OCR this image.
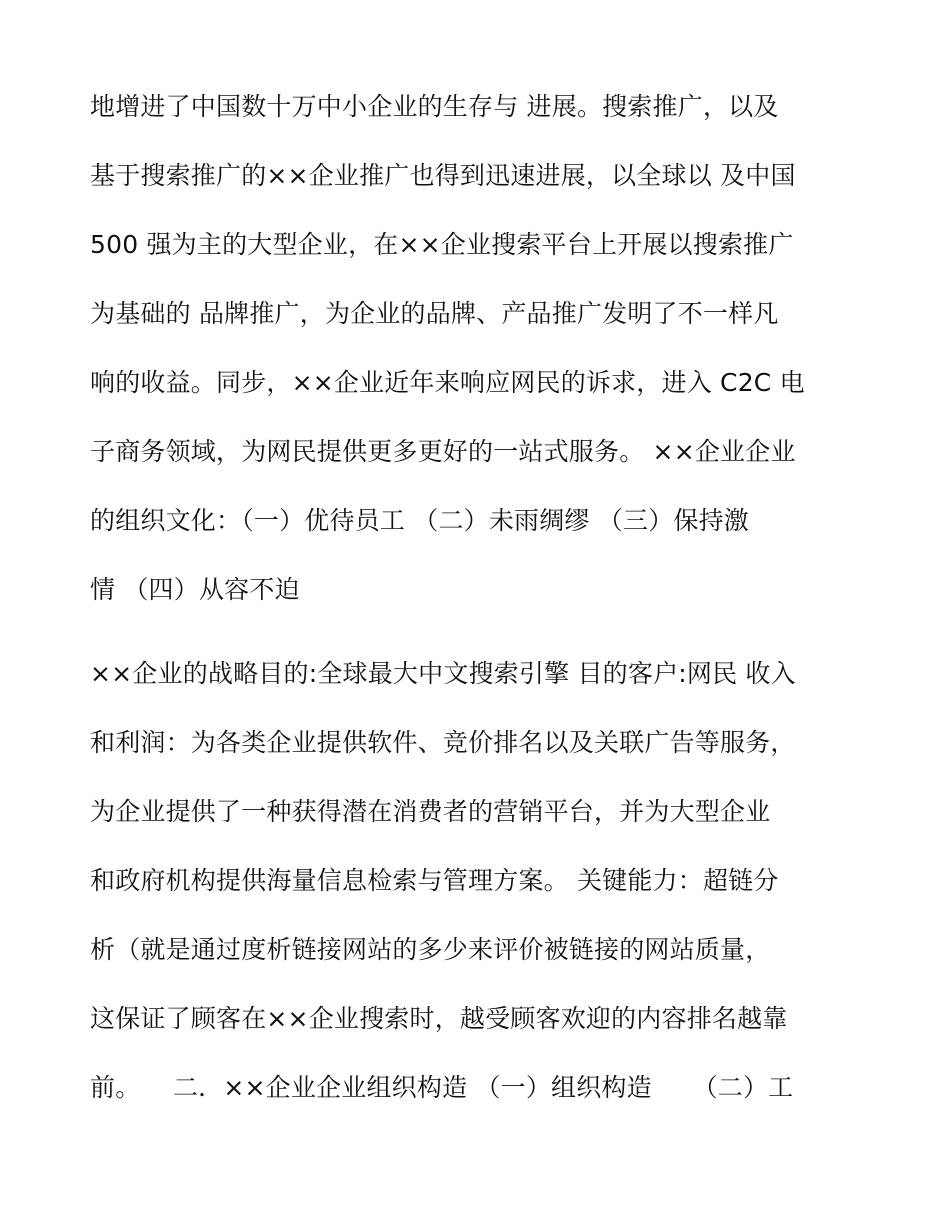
地增进了中国数十万中小企业的生存与 进展。搜索推广，以及
基于搜索推广的××企业推广也得到迅速进展，以全球以 及中国
500 强为主的大型企业，在××企业搜索平台上开展以搜索推广
为基础的 品牌推广，为企业的品牌、产品推广发明了不一样凡
响的收益。同步，××企业近年来响应网民的诉求，进入 C2C 电
子商务领域，为网民提供更多更好的一站式服务。 ××企业企业
的组织文化：（一）优待员工 （二）未雨绸缪 （三）保持激
情 （四）从容不迫
××企业的战略目的:全球最大中文搜索引擎 目的客户:网民 收入
和利润：为各类企业提供软件、竞价排名以及关联广告等服务，
为企业提供了一种获得潜在消费者的营销平台，并为大型企业
和政府机构提供海量信息检索与管理方案。 关键能力：超链分
析（就是通过度析链接网站的多少来评价被链接的网站质量，
这保证了顾客在××企业搜索时，越受顾客欢迎的内容排名越靠
前。    二．××企业企业组织构造 （一）组织构造     （二）工
